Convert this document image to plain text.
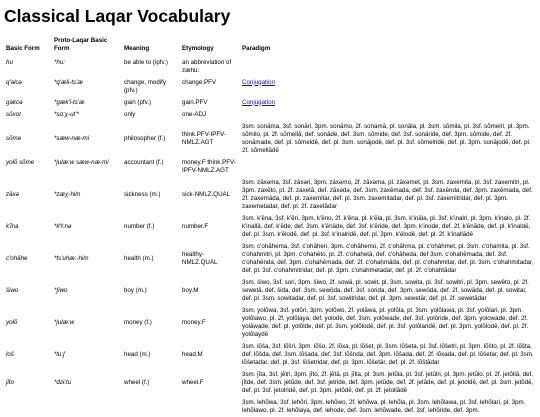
Classical Laqar Vocabulary
Basic Form	Proto-Laqar Basic Form	Meaning	Etymology	Paradigm
hu	*hu:	be able to (ipfv.)	an abbreviation of zæhu:	
q'alcə	*q'æli-ts'æ	change, modify (pfv.)	change.PFV	Conjugation
gakcə	*gæk'i-ts'æ	gain (pfv.)	gain.PFV	Conjugation
sŏxot	*sɑ:χ-ut'*	only	one-ADJ	
sŏme	*sæw-næ-mi	philosopher (f.)	think.PFV-IPFV-NMLZ.AGT	3sm. sonāma, 3sf. sonāri, 3pm. sonāmo, 2f. sonamā, pl. sonāla, pl. 3sm. sŏmila, pl. 3sf. sŏmelri, pl. 3pm. sŏmilo, pl. 2f. sŏmellā, def. sonāde, def. 3sm. sŏmide, def. 3sf. sonāride, def. 3pm. sŏmide, def. 2f. sonāmade, def. pl. sŏmeldē, def. pl. 3sm. sonājodē, def. pl. 3sf. sŏmelridē, def. pl. 3pm. sonājodē, def. pl. 2f. sŏmellādē
yolŏ sŏme	*julæ:w sæw-næ-mi	accountant (f.)	money.F think.PFV-IPFV-NMLZ.AGT	
zāxə	*zæχ-him	sickness (m.)	sick-NMLZ.QUAL	3sm. zāxəma, 3sf. zāxəri, 3pm. zāxəmo, 2f. zāxəma, pl. zāxəmet, pl. 3sm. zaxemita, pl. 3sf. zaxemitri, pl. 3pm. zaxēto, pl. 2f. zaxetā, def. zāxədə, def. 3sm. zaxēmada, def. 3sf. zaxēnda, def. 3pm. zaxēmada, def. 2f. zaxemāda, def. pl. zaxemitar, def. pl. 3sm. zaxemitadar, def. pl. 3sf. zaxemitridar, def. pl. 3pm. zaxemetadar, def. pl. 2f. zaxetādar
k'ĭna	*kʰi:nə	number (f.)	number.F	3sm. k'ēna, 3sf. k'ēri, 3pm. k'ēno, 2f. k'ēna, pl. k'ēla, pl. 3sm. k'ināla, pl. 3sf. k'inalri, pl. 3pm. k'inalo, pl. 2f. k'inallā, def. k'ēde, def. 3sm. k'ēnāde, def. 3sf. k'ēride, def. 3pm. k'inode, def. 2f. k'ēnāde, def. pl. k'inaldē, def. pl. 3sm. k'ēlodē, def. pl. 3sf. k'inalridē, def. pl. 3pm. k'ēlodē, def. pl. 2f. k'inallādē
c'ohāhe	*ts'uhæ:-him	health (m.)	healthy-NMLZ.QUAL	3sm. c'ohāhema, 3sf. c'ohāheri, 3pm. c'ohāhemo, 2f. c'ohāhma, pl. c'ohāhmet, pl. 3sm. c'ohamita, pl. 3sf. c'ohahmitri, pl. 3pm. c'ohahēto, pl. 2f. c'ohahetā, def. c'ohāheda, def 3sm. c'ohahēmada, def. 3sf. c'ohahēnda, def. 3pm. c'ohahēmada, def. 2f. c'ohahmāda, def. pl. c'ohahmitar, def. pl. 3sm. c'ohahmitadar, def. pl. 3sf. c'ohahmitridar, def. pl. 3pm. c'ohahmetadar, def. pl. 2f. c'ohahtādar
šiwo	*ʃiwo	boy (m.)	boy.M	3sm. šiwo, 3sf. sori, 3pm. šiwo, 2f. sowā, pl. sowit, pl. 3sm. sowita, pl. 3sf. sowitri, pl. 3pm. sewēto, pl. 2f. sewetā, def. šida, def. 3sm. sewōda, def. 3sf. sorida, def. 3pm. sewōda, def. 2f. sowāda, def. pl. sowitar, def. pl. 3sm. sowitadar, def. pl. 3sf. sowitridar, def. pl. 3pm. sewetār, def. pl. 2f. sewetādar
yolŏ	*julæ:w	money (f.)	money.F	3sm. yolŏwa, 3sf. yolŏri, 3pm. yolŏwo, 2f. yolāwa, pl. yolŏla, pl. 3sm. yolŏlawa, pl. 3sf. yolŏlari, pl. 3pm. yolŏlawo, pl. 2f. yolŏlaya, def. yolode, def. 3sm. yolŏwade, def. 3sf. yolŏride, def. 3pm. yolowade, def. 2f. yolāwade, def. pl. yolŏlde, def. pl. 3sm. yolŏlodē, def. pl. 3sf. yolŏlaridē, def. pl. 3pm. yolŏlodē, def. pl. 2f. yolŏlaydē
loš	*lu:ʃ	head (m.)	head.M	3sm. lŏša, 3sf. lŏšri, 3pm. lŏšo, 2f. lŏxa, pl. lŏšet, pl. 3sm. lŏšeta, pl. 3sf. lŏšetri, pl. 3pm. lŏšto, pl. 2f. lŏšta, def. lŏšda, def. 3sm. lŏšada, def. 3sf. lŏšnda, def. 3pm. lŏšada, def. 2f. lŏxada, def. pl. lŏšetar, def. pl. 3sm. lŏšetadar, def. pl. 3sf. lŏšetridar, def. pl. 3pm. lŏšetār, def. pl. 2f. lŏštādar
jĭto	*dzɨ:tu	wheel (f.)	wheel.F	3sm. jĭta, 3sf. jĕtri, 3pm. jĭto, 2f. jĕtā, pl. jĭtla, pl. 3sm. jetŭla, pl. 3sf. jetŭlri, pl. 3pm. jetŭlo, pl. 2f. jetŏllā, def. jĭtde, def. 3sm. jetŭde, def. 3sf. jetride, def. 3pm. jetŭde, def. 2f. jetāde, def. pl. jetoldē, def. pl. 3sm. jetŏdē, def. pl. 3sf. jetolridē, def. pl. 3pm. jetŏdē, def. pl. 2f. jetollādē
				3sm. lehŏwa, 3sf. lehŏri, 3pm. lehŏwo, 2f. lehŏwa, pl. lehŏla, pl. 3sm. lehŏlawa, pl. 3sf. lehŏlari, pl. 3pm. lehŏlawo, pl. 2f. lehŏlaya, def. lehode, def. 3sm. lehŏwade, def. 3sf. lehŏride, def. 3pm.
